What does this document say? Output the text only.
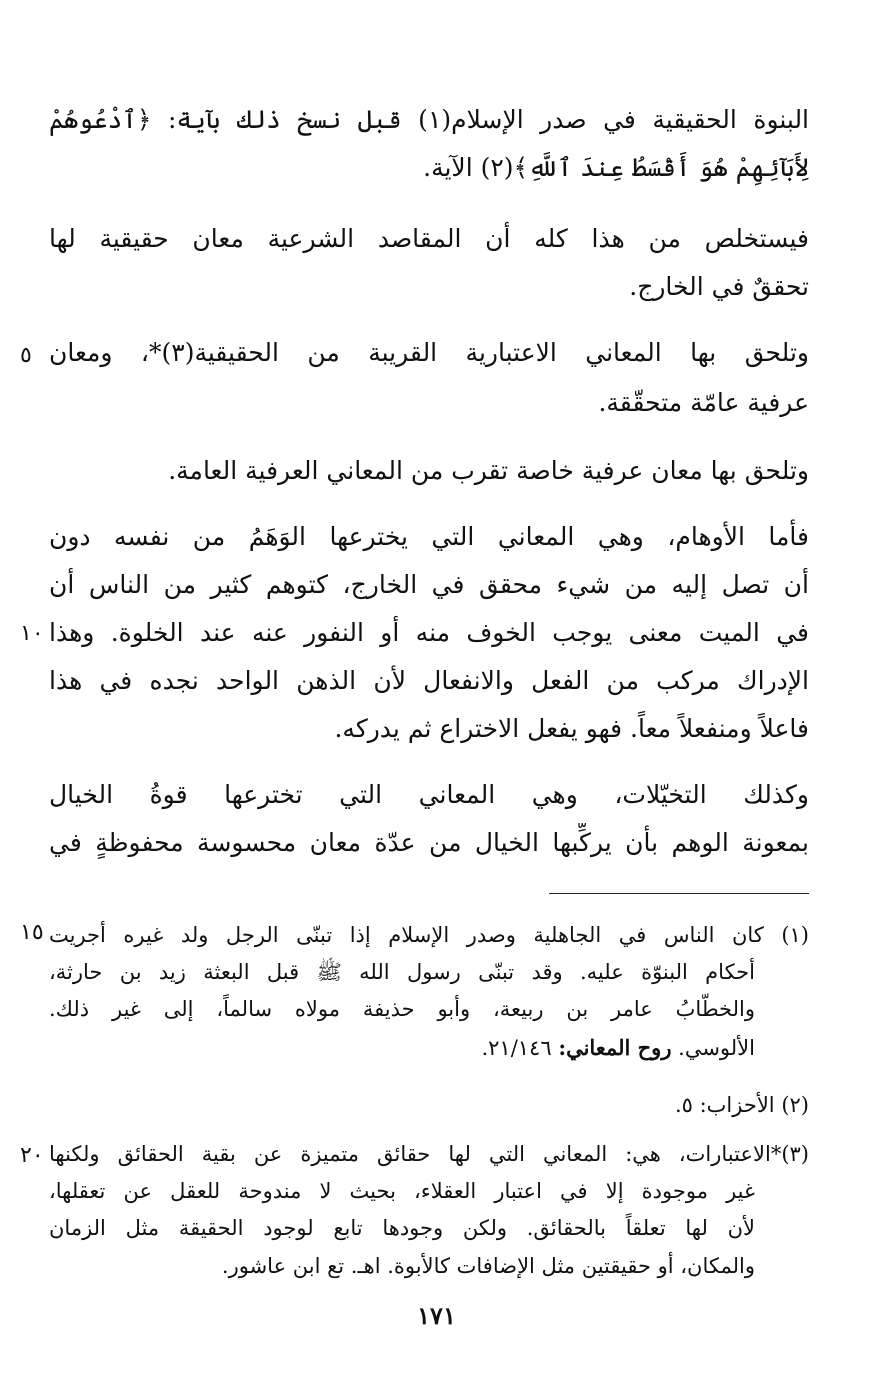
البنوة الحقيقية في صدر الإسلام(١) قبل نسخ ذلك بآية: ﴿ٱدْعُوهُمْ
لِأَبَآئِهِمْ هُوَ أَقْسَطُ عِندَ ٱللَّهِ﴾(٢) الآية.
فيستخلص من هذا كله أن المقاصد الشرعية معان حقيقية لها
تحققٌ في الخارج.
وتلحق بها المعاني الاعتبارية القريبة من الحقيقية(٣)*، ومعان
عرفية عامّة متحقّقة.
وتلحق بها معان عرفية خاصة تقرب من المعاني العرفية العامة.
فأما الأوهام، وهي المعاني التي يخترعها الوَهَمُ من نفسه دون
أن تصل إليه من شيء محقق في الخارج، كتوهم كثير من الناس أن
في الميت معنى يوجب الخوف منه أو النفور عنه عند الخلوة. وهذا
الإدراك مركب من الفعل والانفعال لأن الذهن الواحد نجده في هذا
فاعلاً ومنفعلاً معاً. فهو يفعل الاختراع ثم يدركه.
وكذلك التخيّلات، وهي المعاني التي تخترعها قوةُ الخيال
بمعونة الوهم بأن يركِّبها الخيال من عدّة معان محسوسة محفوظةٍ في
٥
١٠
١٥
٢٠
(١) كان الناس في الجاهلية وصدر الإسلام إذا تبنّى الرجل ولد غيره أجريت
أحكام البنوّة عليه. وقد تبنّى رسول الله ﷺ قبل البعثة زيد بن حارثة،
والخطّابُ عامر بن ربيعة، وأبو حذيفة مولاه سالماً، إلى غير ذلك.
الألوسي. روح المعاني: ٢١/١٤٦.
(٢) الأحزاب: ٥.
(٣)*الاعتبارات، هي: المعاني التي لها حقائق متميزة عن بقية الحقائق ولكنها
غير موجودة إلا في اعتبار العقلاء، بحيث لا مندوحة للعقل عن تعقلها،
لأن لها تعلقاً بالحقائق. ولكن وجودها تابع لوجود الحقيقة مثل الزمان
والمكان، أو حقيقتين مثل الإضافات كالأبوة. اهـ. تع ابن عاشور.
١٧١
